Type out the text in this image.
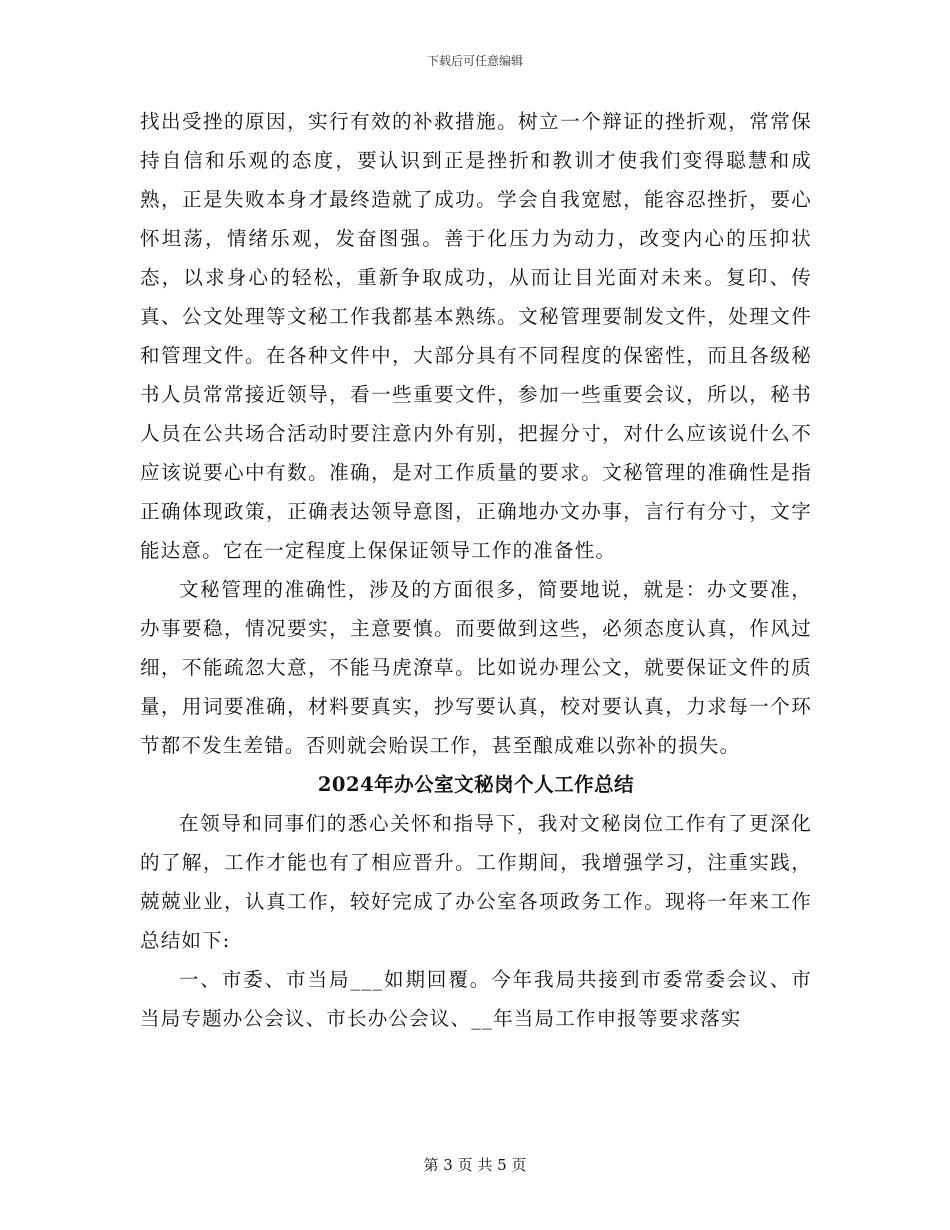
下载后可任意编辑

找出受挫的原因，实行有效的补救措施。树立一个辩证的挫折观，常常保持自信和乐观的态度，要认识到正是挫折和教训才使我们变得聪慧和成熟，正是失败本身才最终造就了成功。学会自我宽慰，能容忍挫折，要心怀坦荡，情绪乐观，发奋图强。善于化压力为动力，改变内心的压抑状态，以求身心的轻松，重新争取成功，从而让目光面对未来。复印、传真、公文处理等文秘工作我都基本熟练。文秘管理要制发文件，处理文件和管理文件。在各种文件中，大部分具有不同程度的保密性，而且各级秘书人员常常接近领导，看一些重要文件，参加一些重要会议，所以，秘书人员在公共场合活动时要注意内外有别，把握分寸，对什么应该说什么不应该说要心中有数。准确，是对工作质量的要求。文秘管理的准确性是指正确体现政策，正确表达领导意图，正确地办文办事，言行有分寸，文字能达意。它在一定程度上保保证领导工作的准备性。

文秘管理的准确性，涉及的方面很多，简要地说，就是：办文要准，办事要稳，情况要实，主意要慎。而要做到这些，必须态度认真，作风过细，不能疏忽大意，不能马虎潦草。比如说办理公文，就要保证文件的质量，用词要准确，材料要真实，抄写要认真，校对要认真，力求每一个环节都不发生差错。否则就会贻误工作，甚至酿成难以弥补的损失。

2024年办公室文秘岗个人工作总结

在领导和同事们的悉心关怀和指导下，我对文秘岗位工作有了更深化的了解，工作才能也有了相应晋升。工作期间，我增强学习，注重实践，兢兢业业，认真工作，较好完成了办公室各项政务工作。现将一年来工作总结如下:

一、市委、市当局___如期回覆。今年我局共接到市委常委会议、市当局专题办公会议、市长办公会议、__年当局工作申报等要求落实

第 3 页 共 5 页
